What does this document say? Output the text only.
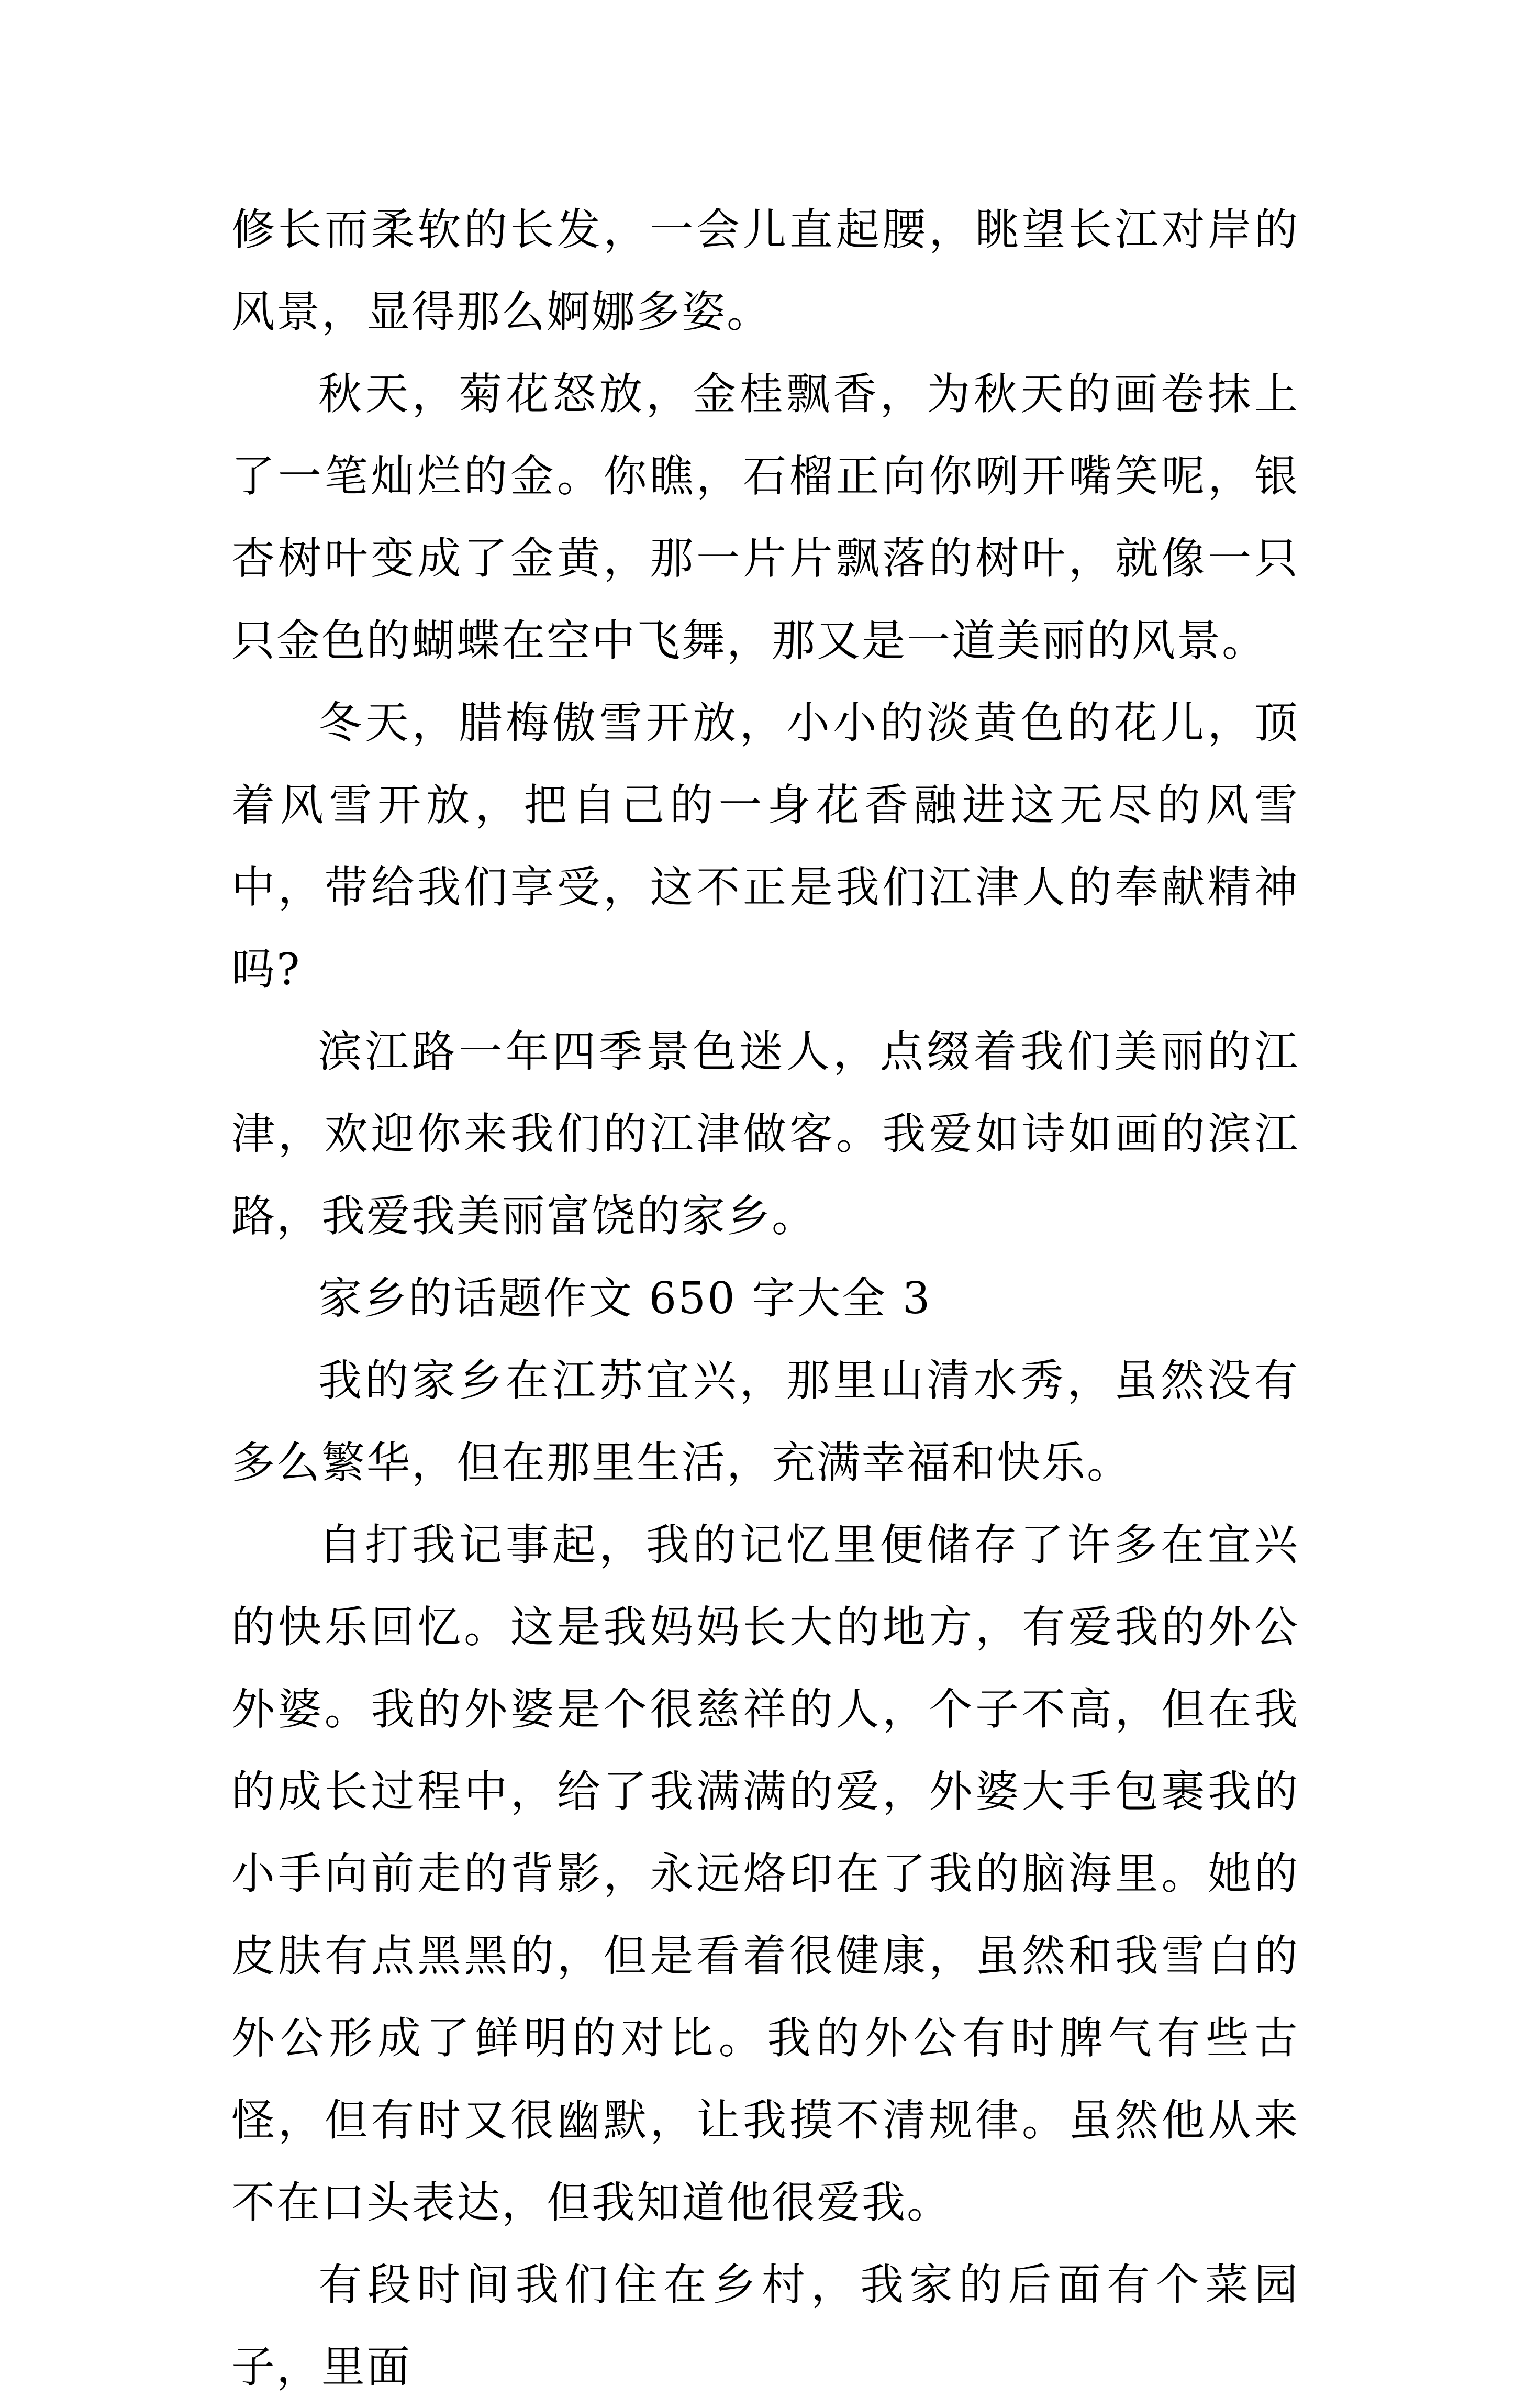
修长而柔软的长发，一会儿直起腰，眺望长江对岸的风景，显得那么婀娜多姿。

秋天，菊花怒放，金桂飘香，为秋天的画卷抹上了一笔灿烂的金。你瞧，石榴正向你咧开嘴笑呢，银杏树叶变成了金黄，那一片片飘落的树叶，就像一只只金色的蝴蝶在空中飞舞，那又是一道美丽的风景。

冬天，腊梅傲雪开放，小小的淡黄色的花儿，顶着风雪开放，把自己的一身花香融进这无尽的风雪中，带给我们享受，这不正是我们江津人的奉献精神吗?

滨江路一年四季景色迷人，点缀着我们美丽的江津，欢迎你来我们的江津做客。我爱如诗如画的滨江路，我爱我美丽富饶的家乡。

家乡的话题作文 650 字大全 3

我的家乡在江苏宜兴，那里山清水秀，虽然没有多么繁华，但在那里生活，充满幸福和快乐。

自打我记事起，我的记忆里便储存了许多在宜兴的快乐回忆。这是我妈妈长大的地方，有爱我的外公外婆。我的外婆是个很慈祥的人，个子不高，但在我的成长过程中，给了我满满的爱，外婆大手包裹我的小手向前走的背影，永远烙印在了我的脑海里。她的皮肤有点黑黑的，但是看着很健康，虽然和我雪白的外公形成了鲜明的对比。我的外公有时脾气有些古怪，但有时又很幽默，让我摸不清规律。虽然他从来不在口头表达，但我知道他很爱我。

有段时间我们住在乡村，我家的后面有个菜园子，里面
